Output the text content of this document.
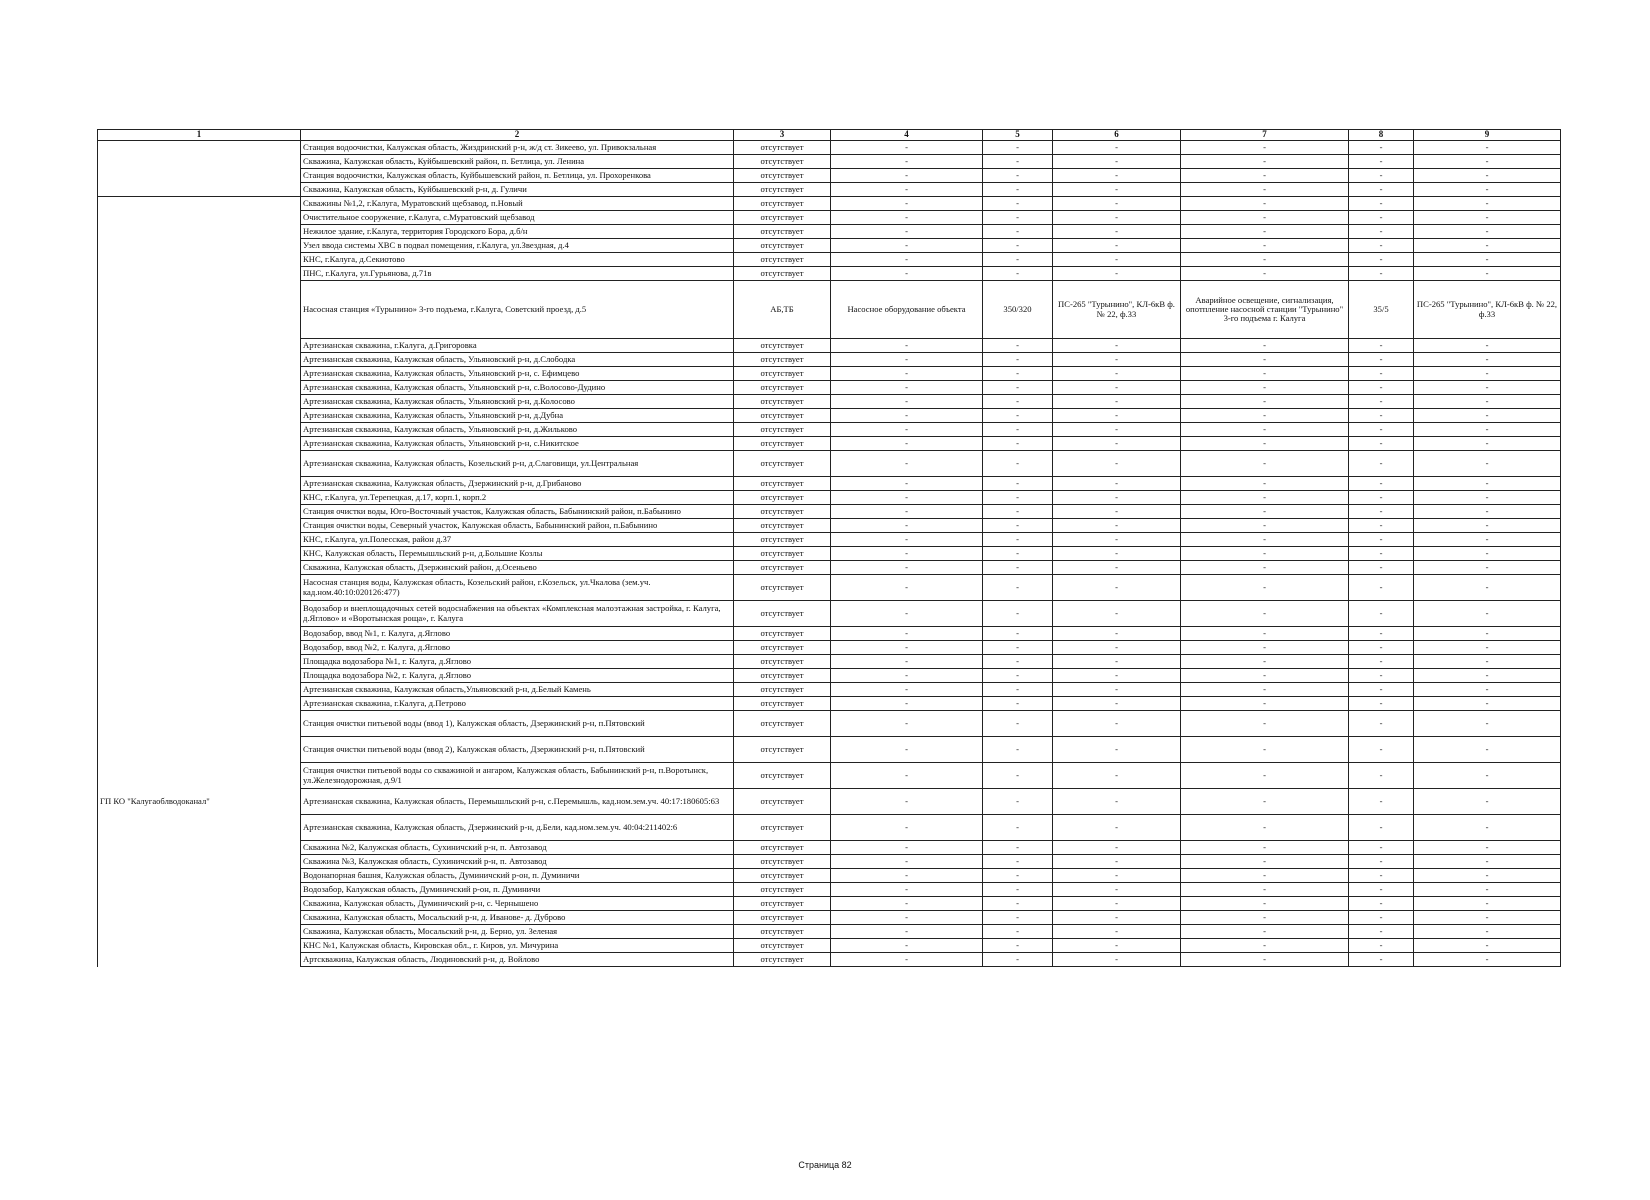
1	2	3	4	5	6	7	8	9
	Станция водоочистки, Калужская область, Жиздринский р-н, ж/д ст. Зикеево, ул. Привокзальная	отсутствует	-	-	-	-	-	-
	Скважина, Калужская область, Куйбышевский район, п. Бетлица, ул. Ленина	отсутствует	-	-	-	-	-	-
	Станция водоочистки, Калужская область, Куйбышевский район, п. Бетлица, ул. Прохоренкова	отсутствует	-	-	-	-	-	-
	Скважина, Калужская область, Куйбышевский р-н, д. Гуличи	отсутствует	-	-	-	-	-	-
	Скважины №1,2, г.Калуга, Муратовский щебзавод, п.Новый	отсутствует	-	-	-	-	-	-
	Очистительное сооружение, г.Калуга, с.Муратовский щебзавод	отсутствует	-	-	-	-	-	-
	Нежилое здание, г.Калуга, территория Городского Бора, д.б/н	отсутствует	-	-	-	-	-	-
	Узел ввода системы ХВС в подвал помещения, г.Калуга, ул.Звездная, д.4	отсутствует	-	-	-	-	-	-
	КНС, г.Калуга, д.Секиотово	отсутствует	-	-	-	-	-	-
	ПНС, г.Калуга, ул.Гурьянова, д.71в	отсутствует	-	-	-	-	-	-
	Насосная станция «Турынино» 3-го подъема, г.Калуга, Советский проезд, д.5	АБ,ТБ	Насосное оборудование объекта	350/320	ПС-265 "Турынино", КЛ-6кВ ф. № 22, ф.33	Аварийное освещение, сигнализация, опотпление насосной станции "Турынино" 3-го подъема г. Калуга	35/5	ПС-265 "Турынино", КЛ-6кВ ф. № 22, ф.33
	Артезианская скважина, г.Калуга, д.Григоровка	отсутствует	-	-	-	-	-	-
	Артезианская скважина, Калужская область, Ульяновский р-н, д.Слободка	отсутствует	-	-	-	-	-	-
	Артезианская скважина, Калужская область, Ульяновский р-н, с. Ефимцево	отсутствует	-	-	-	-	-	-
	Артезианская скважина, Калужская область, Ульяновский р-н, с.Волосово-Дудино	отсутствует	-	-	-	-	-	-
	Артезианская скважина, Калужская область, Ульяновский р-н, д.Колосово	отсутствует	-	-	-	-	-	-
	Артезианская скважина, Калужская область, Ульяновский р-н, д.Дубна	отсутствует	-	-	-	-	-	-
	Артезианская скважина, Калужская область, Ульяновский р-н, д.Жильково	отсутствует	-	-	-	-	-	-
	Артезианская скважина, Калужская область, Ульяновский р-н, с.Никитское	отсутствует	-	-	-	-	-	-
	Артезианская скважина, Калужская область, Козельский р-н, д.Слаговищи, ул.Центральная	отсутствует	-	-	-	-	-	-
	Артезианская скважина, Калужская область, Дзержинский р-н, д.Грибаново	отсутствует	-	-	-	-	-	-
	КНС, г.Калуга, ул.Терепецкая, д.17, корп.1, корп.2	отсутствует	-	-	-	-	-	-
	Станция очистки воды, Юго-Восточный участок, Калужская область, Бабынинский район, п.Бабынино	отсутствует	-	-	-	-	-	-
	Станция очистки воды, Северный участок, Калужская область, Бабынинский район, п.Бабынино	отсутствует	-	-	-	-	-	-
	КНС, г.Калуга, ул.Полесская, район д.37	отсутствует	-	-	-	-	-	-
	КНС, Калужская область, Перемышльский р-н, д.Большие Козлы	отсутствует	-	-	-	-	-	-
	Скважина, Калужская область, Дзержинский район, д.Осеньево	отсутствует	-	-	-	-	-	-
	Насосная станция воды, Калужская область, Козельский район, г.Козельск, ул.Чкалова (зем.уч. кад.ном.40:10:020126:477)	отсутствует	-	-	-	-	-	-
	Водозабор и внеплощадочных сетей водоснабжения на объектах «Комплексная малоэтажная застройка, г. Калуга, д.Яглово» и «Воротынская роща», г. Калуга	отсутствует	-	-	-	-	-	-
	Водозабор, ввод №1, г. Калуга, д.Яглово	отсутствует	-	-	-	-	-	-
	Водозабор, ввод №2, г. Калуга, д.Яглово	отсутствует	-	-	-	-	-	-
	Площадка водозабора №1, г. Калуга, д.Яглово	отсутствует	-	-	-	-	-	-
	Площадка водозабора №2, г. Калуга, д.Яглово	отсутствует	-	-	-	-	-	-
	Артезианская скважина, Калужская область,Ульяновский р-н, д.Белый Камень	отсутствует	-	-	-	-	-	-
	Артезианская скважина, г.Калуга, д.Петрово	отсутствует	-	-	-	-	-	-
	Станция очистки питьевой воды (ввод 1), Калужская область, Дзержинский р-н, п.Пятовский	отсутствует	-	-	-	-	-	-
	Станция очистки питьевой воды (ввод 2), Калужская область, Дзержинский р-н, п.Пятовский	отсутствует	-	-	-	-	-	-
	Станция очистки питьевой воды со скважиной и ангаром, Калужская область, Бабынинский р-н, п.Воротынск, ул.Железнодорожная, д.9/1	отсутствует	-	-	-	-	-	-
ГП КО "Калугаоблводоканал"	Артезианская скважина, Калужская область, Перемышльский р-н, с.Перемышль, кад.ном.зем.уч. 40:17:180605:63	отсутствует	-	-	-	-	-	-
	Артезианская скважина, Калужская область, Дзержинский р-н, д.Бели, кад.ном.зем.уч. 40:04:211402:6	отсутствует	-	-	-	-	-	-
	Скважина №2, Калужская область, Сухиничский р-н, п. Автозавод	отсутствует	-	-	-	-	-	-
	Скважина №3, Калужская область, Сухиничский р-н, п. Автозавод	отсутствует	-	-	-	-	-	-
	Водонапорная башня, Калужская область, Думиничский р-он, п. Думиничи	отсутствует	-	-	-	-	-	-
	Водозабор, Калужская область, Думиничский р-он, п. Думиничи	отсутствует	-	-	-	-	-	-
	Скважина, Калужская область, Думиничский р-н, с. Чернышено	отсутствует	-	-	-	-	-	-
	Скважина, Калужская область, Мосальский р-н, д. Иванове- д. Дуброво	отсутствует	-	-	-	-	-	-
	Скважина, Калужская область, Мосальский р-н, д. Берно, ул. Зеленая	отсутствует	-	-	-	-	-	-
	КНС №1, Калужская область, Кировская обл., г. Киров, ул. Мичурина	отсутствует	-	-	-	-	-	-
	Артскважина, Калужская область, Людиновский р-н, д. Войлово	отсутствует	-	-	-	-	-	-
Страница 82
